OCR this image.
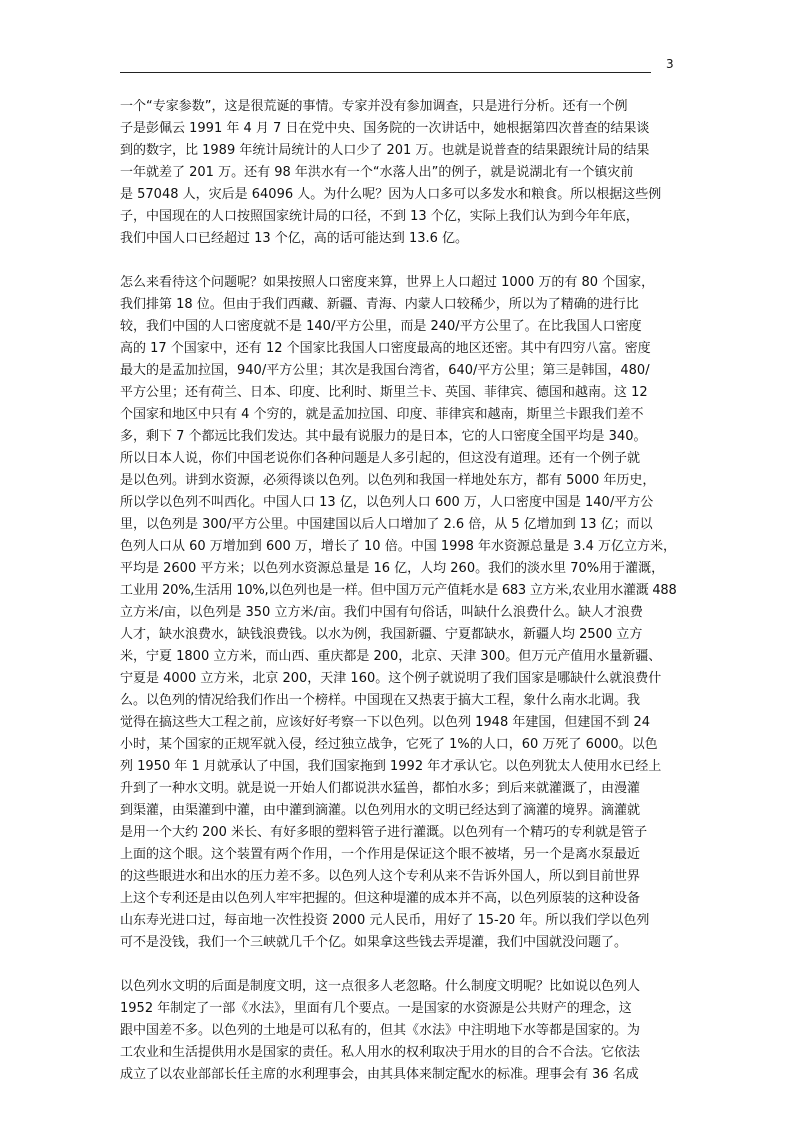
3
一个“专家参数”，这是很荒诞的事情。专家并没有参加调查，只是进行分析。还有一个例
子是彭佩云 1991 年 4 月 7 日在党中央、国务院的一次讲话中，她根据第四次普查的结果谈
到的数字，比 1989 年统计局统计的人口少了 201 万。也就是说普查的结果跟统计局的结果
一年就差了 201 万。还有 98 年洪水有一个“水落人出”的例子，就是说湖北有一个镇灾前
是 57048 人，灾后是 64096 人。为什么呢？因为人口多可以多发水和粮食。所以根据这些例
子，中国现在的人口按照国家统计局的口径，不到 13 个亿，实际上我们认为到今年年底，
我们中国人口已经超过 13 个亿，高的话可能达到 13.6 亿。
怎么来看待这个问题呢？如果按照人口密度来算，世界上人口超过 1000 万的有 80 个国家，
我们排第 18 位。但由于我们西藏、新疆、青海、内蒙人口较稀少，所以为了精确的进行比
较，我们中国的人口密度就不是 140/平方公里，而是 240/平方公里了。在比我国人口密度
高的 17 个国家中，还有 12 个国家比我国人口密度最高的地区还密。其中有四穷八富。密度
最大的是孟加拉国，940/平方公里；其次是我国台湾省，640/平方公里；第三是韩国，480/
平方公里；还有荷兰、日本、印度、比利时、斯里兰卡、英国、菲律宾、德国和越南。这 12
个国家和地区中只有 4 个穷的，就是孟加拉国、印度、菲律宾和越南，斯里兰卡跟我们差不
多，剩下 7 个都远比我们发达。其中最有说服力的是日本，它的人口密度全国平均是 340。
所以日本人说，你们中国老说你们各种问题是人多引起的，但这没有道理。还有一个例子就
是以色列。讲到水资源，必须得谈以色列。以色列和我国一样地处东方，都有 5000 年历史，
所以学以色列不叫西化。中国人口 13 亿，以色列人口 600 万，人口密度中国是 140/平方公
里，以色列是 300/平方公里。中国建国以后人口增加了 2.6 倍，从 5 亿增加到 13 亿；而以
色列人口从 60 万增加到 600 万，增长了 10 倍。中国 1998 年水资源总量是 3.4 万亿立方米，
平均是 2600 平方米；以色列水资源总量是 16 亿，人均 260。我们的淡水里 70%用于灌溉，
工业用 20%,生活用 10%,以色列也是一样。但中国万元产值耗水是 683 立方米,农业用水灌溉 488
立方米/亩，以色列是 350 立方米/亩。我们中国有句俗话，叫缺什么浪费什么。缺人才浪费
人才，缺水浪费水，缺钱浪费钱。以水为例，我国新疆、宁夏都缺水，新疆人均 2500 立方
米，宁夏 1800 立方米，而山西、重庆都是 200，北京、天津 300。但万元产值用水量新疆、
宁夏是 4000 立方米，北京 200，天津 160。这个例子就说明了我们国家是哪缺什么就浪费什
么。以色列的情况给我们作出一个榜样。中国现在又热衷于搞大工程，象什么南水北调。我
觉得在搞这些大工程之前，应该好好考察一下以色列。以色列 1948 年建国，但建国不到 24
小时，某个国家的正规军就入侵，经过独立战争，它死了 1%的人口，60 万死了 6000。以色
列 1950 年 1 月就承认了中国，我们国家拖到 1992 年才承认它。以色列犹太人使用水已经上
升到了一种水文明。就是说一开始人们都说洪水猛兽，都怕水多；到后来就灌溉了，由漫灌
到渠灌，由渠灌到中灌，由中灌到滴灌。以色列用水的文明已经达到了滴灌的境界。滴灌就
是用一个大约 200 米长、有好多眼的塑料管子进行灌溉。以色列有一个精巧的专利就是管子
上面的这个眼。这个装置有两个作用，一个作用是保证这个眼不被堵，另一个是离水泵最近
的这些眼进水和出水的压力差不多。以色列人这个专利从来不告诉外国人，所以到目前世界
上这个专利还是由以色列人牢牢把握的。但这种堤灌的成本并不高，以色列原装的这种设备
山东寿光进口过，每亩地一次性投资 2000 元人民币，用好了 15-20 年。所以我们学以色列
可不是没钱，我们一个三峡就几千个亿。如果拿这些钱去弄堤灌，我们中国就没问题了。
以色列水文明的后面是制度文明，这一点很多人老忽略。什么制度文明呢？比如说以色列人
1952 年制定了一部《水法》，里面有几个要点。一是国家的水资源是公共财产的理念，这
跟中国差不多。以色列的土地是可以私有的，但其《水法》中注明地下水等都是国家的。为
工农业和生活提供用水是国家的责任。私人用水的权利取决于用水的目的合不合法。它依法
成立了以农业部部长任主席的水利理事会，由其具体来制定配水的标准。理事会有 36 名成
